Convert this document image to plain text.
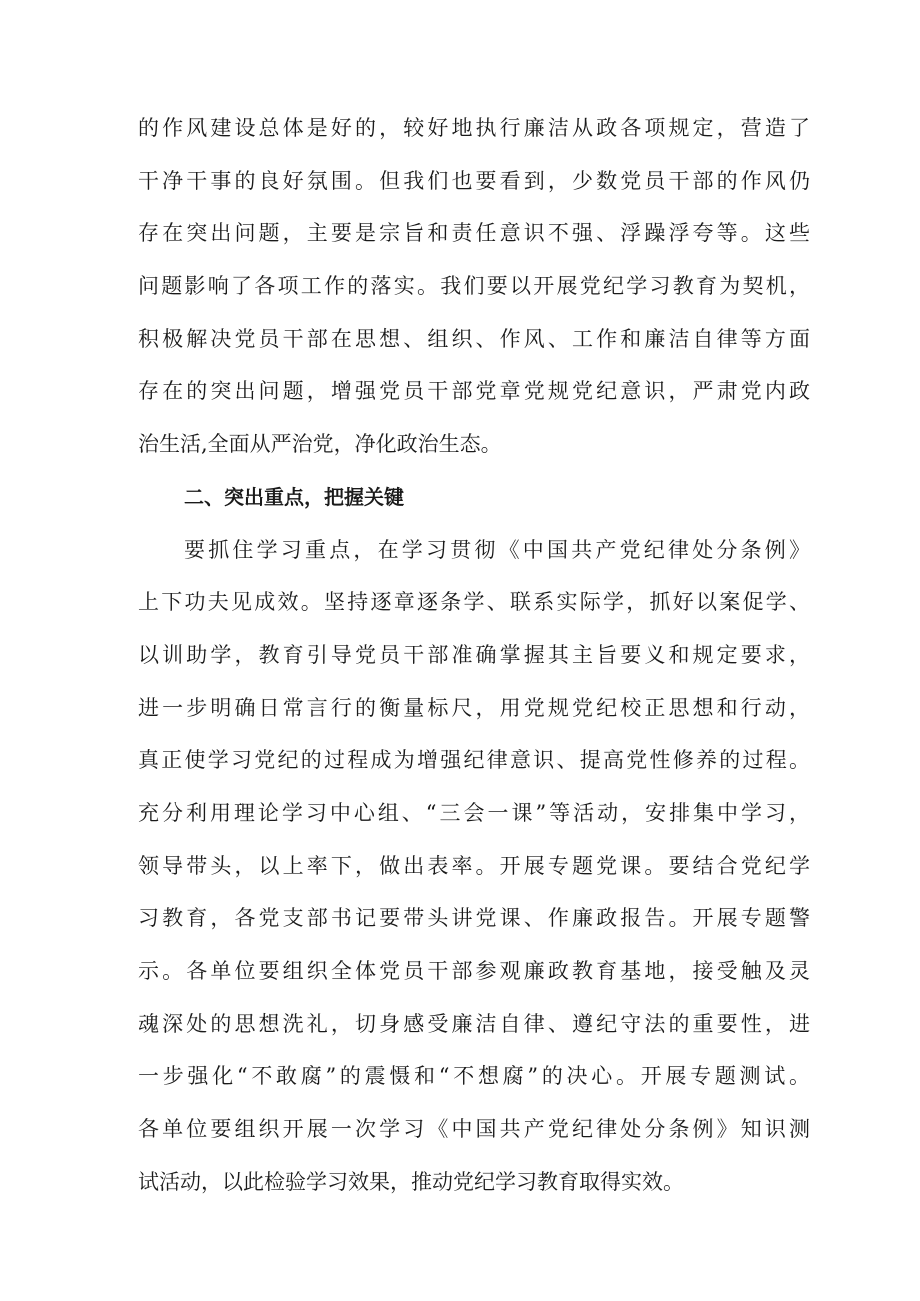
的作风建设总体是好的，较好地执行廉洁从政各项规定，营造了
干净干事的良好氛围。但我们也要看到，少数党员干部的作风仍
存在突出问题，主要是宗旨和责任意识不强、浮躁浮夸等。这些
问题影响了各项工作的落实。我们要以开展党纪学习教育为契机，
积极解决党员干部在思想、组织、作风、工作和廉洁自律等方面
存在的突出问题，增强党员干部党章党规党纪意识，严肃党内政
治生活,全面从严治党，净化政治生态。
二、突出重点，把握关键
要抓住学习重点，在学习贯彻《中国共产党纪律处分条例》
上下功夫见成效。坚持逐章逐条学、联系实际学，抓好以案促学、
以训助学，教育引导党员干部准确掌握其主旨要义和规定要求，
进一步明确日常言行的衡量标尺，用党规党纪校正思想和行动，
真正使学习党纪的过程成为增强纪律意识、提高党性修养的过程。
充分利用理论学习中心组、“三会一课”等活动，安排集中学习，
领导带头，以上率下，做出表率。开展专题党课。要结合党纪学
习教育，各党支部书记要带头讲党课、作廉政报告。开展专题警
示。各单位要组织全体党员干部参观廉政教育基地，接受触及灵
魂深处的思想洗礼，切身感受廉洁自律、遵纪守法的重要性，进
一步强化“不敢腐”的震慑和“不想腐”的决心。开展专题测试。
各单位要组织开展一次学习《中国共产党纪律处分条例》知识测
试活动，以此检验学习效果，推动党纪学习教育取得实效。
